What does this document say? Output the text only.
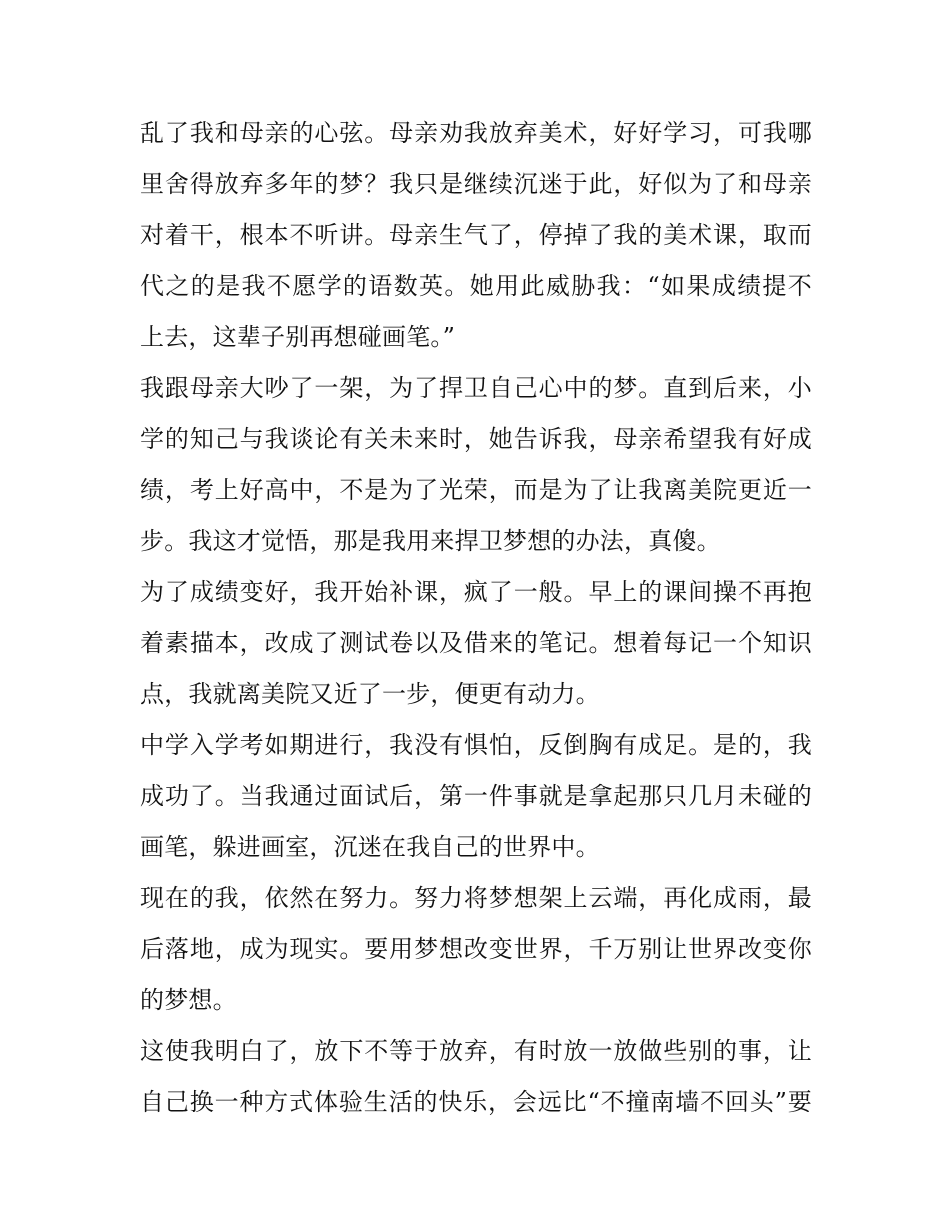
乱了我和母亲的心弦。母亲劝我放弃美术，好好学习，可我哪
里舍得放弃多年的梦？我只是继续沉迷于此，好似为了和母亲
对着干，根本不听讲。母亲生气了，停掉了我的美术课，取而
代之的是我不愿学的语数英。她用此威胁我：“如果成绩提不
上去，这辈子别再想碰画笔。”
我跟母亲大吵了一架，为了捍卫自己心中的梦。直到后来，小
学的知己与我谈论有关未来时，她告诉我，母亲希望我有好成
绩，考上好高中，不是为了光荣，而是为了让我离美院更近一
步。我这才觉悟，那是我用来捍卫梦想的办法，真傻。
为了成绩变好，我开始补课，疯了一般。早上的课间操不再抱
着素描本，改成了测试卷以及借来的笔记。想着每记一个知识
点，我就离美院又近了一步，便更有动力。
中学入学考如期进行，我没有惧怕，反倒胸有成足。是的，我
成功了。当我通过面试后，第一件事就是拿起那只几月未碰的
画笔，躲进画室，沉迷在我自己的世界中。
现在的我，依然在努力。努力将梦想架上云端，再化成雨，最
后落地，成为现实。要用梦想改变世界，千万别让世界改变你
的梦想。
这使我明白了，放下不等于放弃，有时放一放做些别的事，让
自己换一种方式体验生活的快乐，会远比“不撞南墙不回头”要
